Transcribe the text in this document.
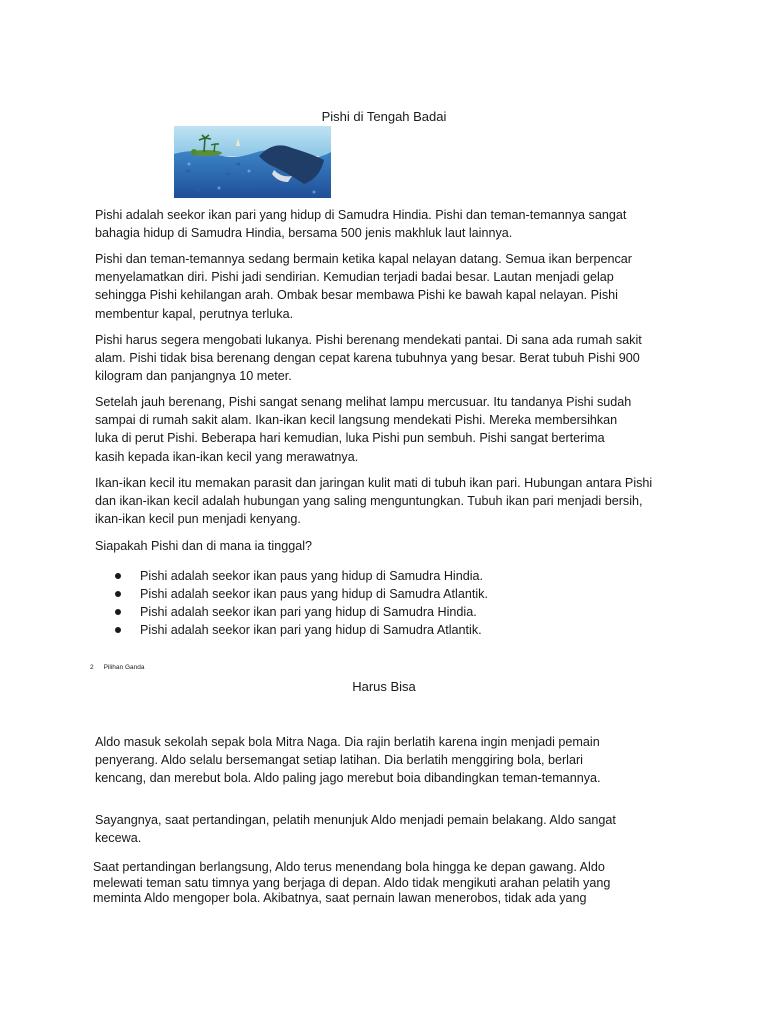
Pishi di Tengah Badai
Pishi adalah seekor ikan pari yang hidup di Samudra Hindia. Pishi dan teman-temannya sangat
bahagia hidup di Samudra Hindia, bersama 500 jenis makhluk laut lainnya.
Pishi dan teman-temannya sedang bermain ketika kapal nelayan datang. Semua ikan berpencar
menyelamatkan diri. Pishi jadi sendirian. Kemudian terjadi badai besar. Lautan menjadi gelap
sehingga Pishi kehilangan arah. Ombak besar membawa Pishi ke bawah kapal nelayan. Pishi
membentur kapal, perutnya terluka.
Pishi harus segera mengobati lukanya. Pishi berenang mendekati pantai. Di sana ada rumah sakit
alam. Pishi tidak bisa berenang dengan cepat karena tubuhnya yang besar. Berat tubuh Pishi 900
kilogram dan panjangnya 10 meter.
Setelah jauh berenang, Pishi sangat senang melihat lampu mercusuar. Itu tandanya Pishi sudah
sampai di rumah sakit alam. Ikan-ikan kecil langsung mendekati Pishi. Mereka membersihkan
luka di perut Pishi. Beberapa hari kemudian, luka Pishi pun sembuh. Pishi sangat berterima
kasih kepada ikan-ikan kecil yang merawatnya.
Ikan-ikan kecil itu memakan parasit dan jaringan kulit mati di tubuh ikan pari. Hubungan antara Pishi
dan ikan-ikan kecil adalah hubungan yang saling menguntungkan. Tubuh ikan pari menjadi bersih,
ikan-ikan kecil pun menjadi kenyang.
Siapakah Pishi dan di mana ia tinggal?
Pishi adalah seekor ikan paus yang hidup di Samudra Hindia.
Pishi adalah seekor ikan paus yang hidup di Samudra Atlantik.
Pishi adalah seekor ikan pari yang hidup di Samudra Hindia.
Pishi adalah seekor ikan pari yang hidup di Samudra Atlantik.
2 Pilihan Ganda
Harus Bisa
Aldo masuk sekolah sepak bola Mitra Naga. Dia rajin berlatih karena ingin menjadi pemain
penyerang. Aldo selalu bersemangat setiap latihan. Dia berlatih menggiring bola, berlari
kencang, dan merebut bola. Aldo paling jago merebut boia dibandingkan teman-temannya.
Sayangnya, saat pertandingan, pelatih menunjuk Aldo menjadi pemain belakang. Aldo sangat
kecewa.
Saat pertandingan berlangsung, Aldo terus menendang bola hingga ke depan gawang. Aldo
melewati teman satu timnya yang berjaga di depan. Aldo tidak mengikuti arahan pelatih yang
meminta Aldo mengoper bola. Akibatnya, saat pernain lawan menerobos, tidak ada yang
